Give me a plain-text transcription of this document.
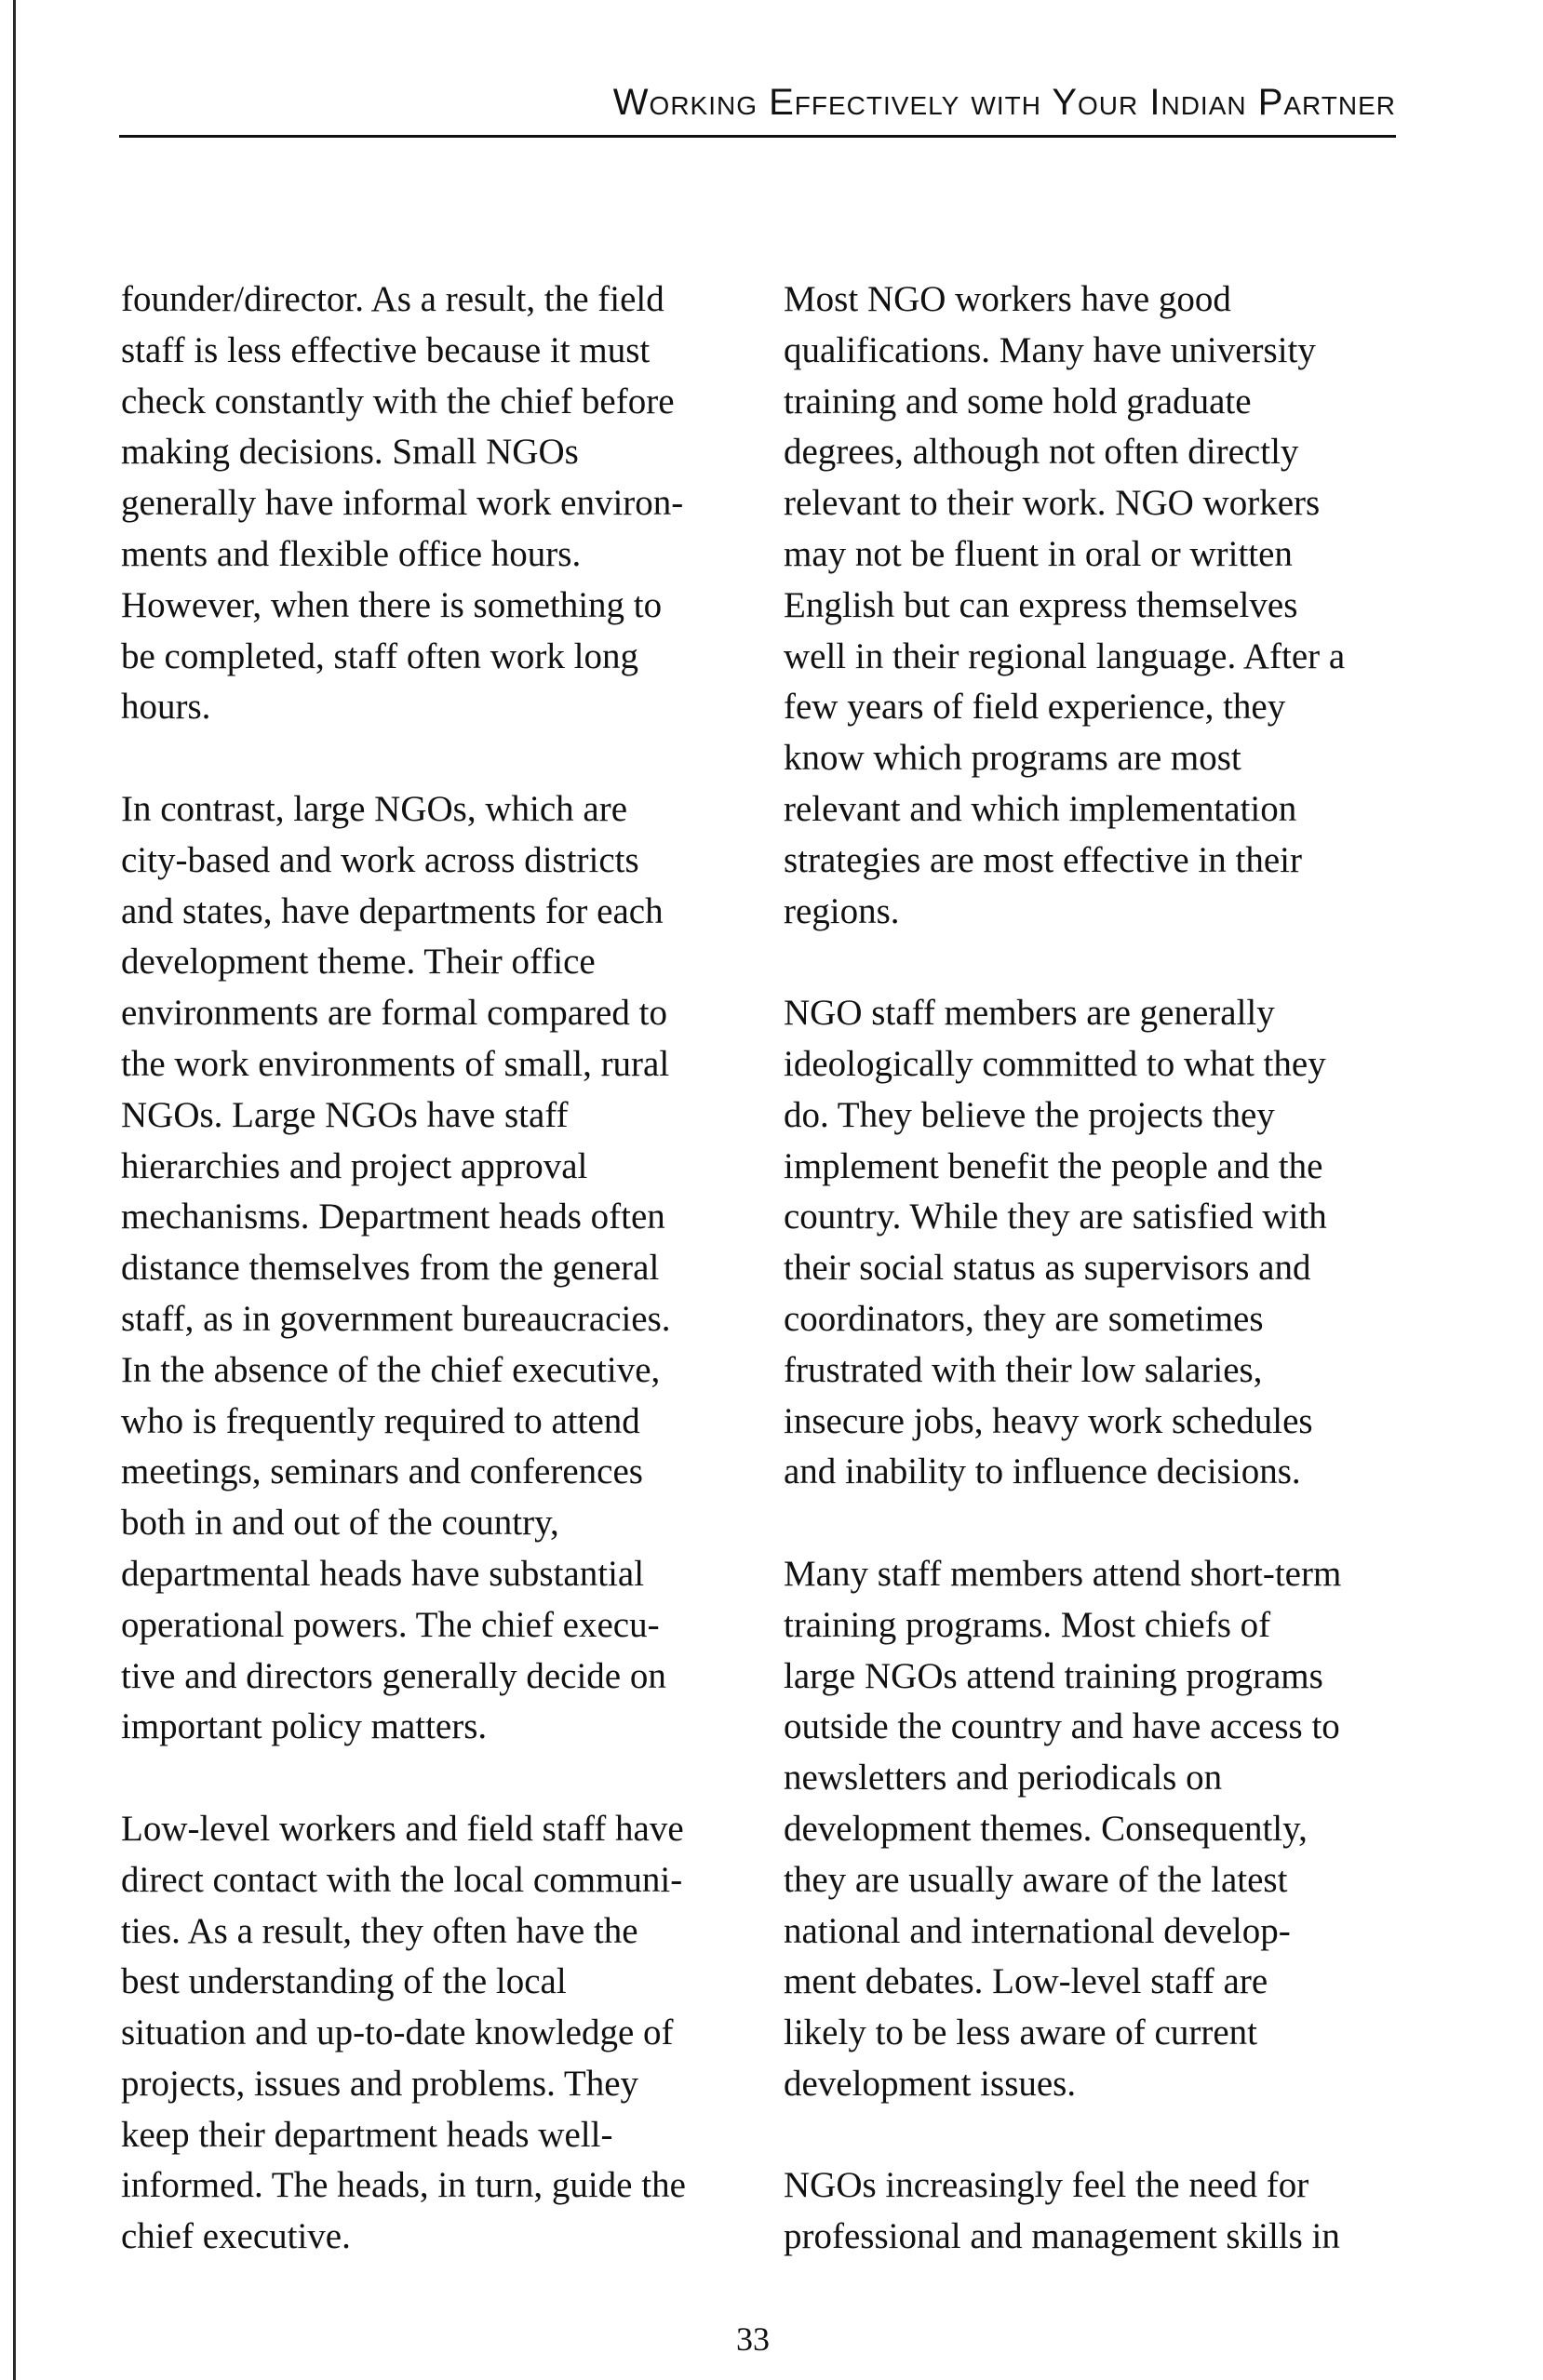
Working Effectively with Your Indian Partner

founder/director. As a result, the field
staff is less effective because it must
check constantly with the chief before
making decisions. Small NGOs
generally have informal work environ-
ments and flexible office hours.
However, when there is something to
be completed, staff often work long
hours.

In contrast, large NGOs, which are
city-based and work across districts
and states, have departments for each
development theme. Their office
environments are formal compared to
the work environments of small, rural
NGOs. Large NGOs have staff
hierarchies and project approval
mechanisms. Department heads often
distance themselves from the general
staff, as in government bureaucracies.
In the absence of the chief executive,
who is frequently required to attend
meetings, seminars and conferences
both in and out of the country,
departmental heads have substantial
operational powers. The chief execu-
tive and directors generally decide on
important policy matters.

Low-level workers and field staff have
direct contact with the local communi-
ties. As a result, they often have the
best understanding of the local
situation and up-to-date knowledge of
projects, issues and problems. They
keep their department heads well-
informed. The heads, in turn, guide the
chief executive.

Most NGO workers have good
qualifications. Many have university
training and some hold graduate
degrees, although not often directly
relevant to their work. NGO workers
may not be fluent in oral or written
English but can express themselves
well in their regional language. After a
few years of field experience, they
know which programs are most
relevant and which implementation
strategies are most effective in their
regions.

NGO staff members are generally
ideologically committed to what they
do. They believe the projects they
implement benefit the people and the
country. While they are satisfied with
their social status as supervisors and
coordinators, they are sometimes
frustrated with their low salaries,
insecure jobs, heavy work schedules
and inability to influence decisions.

Many staff members attend short-term
training programs. Most chiefs of
large NGOs attend training programs
outside the country and have access to
newsletters and periodicals on
development themes. Consequently,
they are usually aware of the latest
national and international develop-
ment debates. Low-level staff are
likely to be less aware of current
development issues.

NGOs increasingly feel the need for
professional and management skills in

33
